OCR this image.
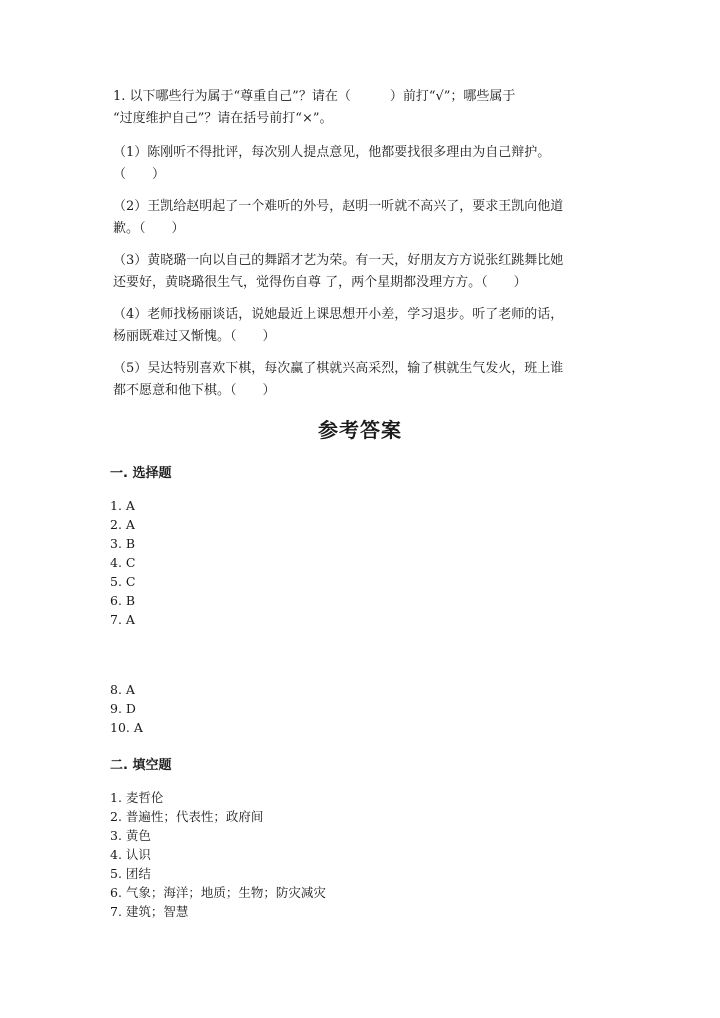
1. 以下哪些行为属于“尊重自己”？请在（　　　）前打“√”；哪些属于
“过度维护自己”？请在括号前打“×”。
（1）陈刚听不得批评，每次别人提点意见，他都要找很多理由为自己辩护。
（　　）
（2）王凯给赵明起了一个难听的外号，赵明一听就不高兴了，要求王凯向他道
歉。（　　）
（3）黄晓璐一向以自己的舞蹈才艺为荣。有一天，好朋友方方说张红跳舞比她
还要好，黄晓璐很生气，觉得伤自尊 了，两个星期都没理方方。（　　）
（4）老师找杨丽谈话，说她最近上课思想开小差，学习退步。听了老师的话，
杨丽既难过又惭愧。（　　）
（5）吴达特别喜欢下棋，每次赢了棋就兴高采烈，输了棋就生气发火，班上谁
都不愿意和他下棋。（　　）
参考答案
一. 选择题
1. A
2. A
3. B
4. C
5. C
6. B
7. A
8. A
9. D
10. A
二. 填空题
1. 麦哲伦
2. 普遍性；代表性；政府间
3. 黄色
4. 认识
5. 团结
6. 气象；海洋；地质；生物；防灾减灾
7. 建筑；智慧
